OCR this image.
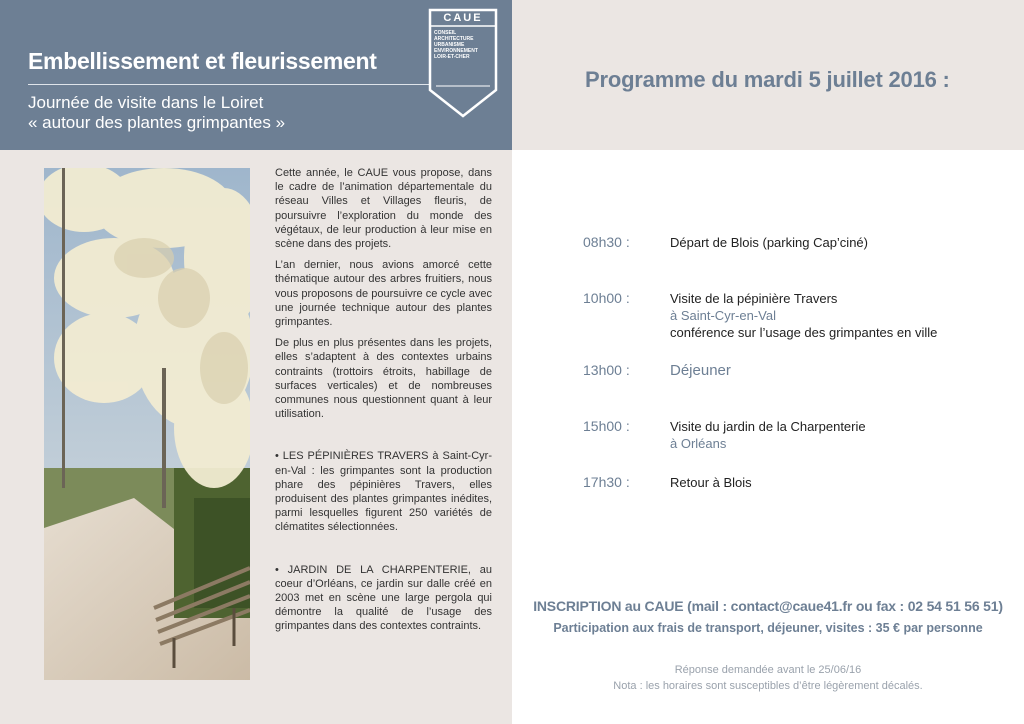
Embellissement et fleurissement
Journée de visite dans le Loiret
« autour des plantes grimpantes »
CAUE
CONSEIL
ARCHITECTURE
URBANISME
ENVIRONNEMENT
LOIR-ET-CHER
Programme du mardi 5 juillet 2016 :

Cette année, le CAUE vous propose, dans le cadre de l’animation départementale du réseau Villes et Villages fleuris, de poursuivre l’exploration du monde des végétaux, de leur production à leur mise en scène dans des projets.

L’an dernier, nous avions amorcé cette thématique autour des arbres fruitiers, nous vous proposons de poursuivre ce cycle avec une journée technique autour des plantes grimpantes.

De plus en plus présentes dans les projets, elles s’adaptent à des contextes urbains contraints (trottoirs étroits, habillage de surfaces verticales) et de nombreuses communes nous questionnent quant à leur utilisation.

• LES PÉPINIÈRES TRAVERS à Saint-Cyr-en-Val : les grimpantes sont la production phare des pépinières Travers, elles produisent des plantes grimpantes inédites, parmi lesquelles figurent 250 variétés de clématites sélectionnées.

• JARDIN DE LA CHARPENTERIE, au coeur d’Orléans, ce jardin sur dalle créé en 2003 met en scène une large pergola qui démontre la qualité de l’usage des grimpantes dans des contextes contraints.

08h30 :	Départ de Blois (parking Cap’ciné)
10h00 :	Visite de la pépinière Travers
à Saint-Cyr-en-Val
conférence sur l’usage des grimpantes en ville
13h00 :	Déjeuner
15h00 :	Visite du jardin de la Charpenterie
à Orléans
17h30 :	Retour à Blois
INSCRIPTION au CAUE (mail : contact@caue41.fr ou fax : 02 54 51 56 51)
Participation aux frais de transport, déjeuner, visites : 35 € par personne
Réponse demandée avant le 25/06/16
Nota : les horaires sont susceptibles d’être légèrement décalés.
